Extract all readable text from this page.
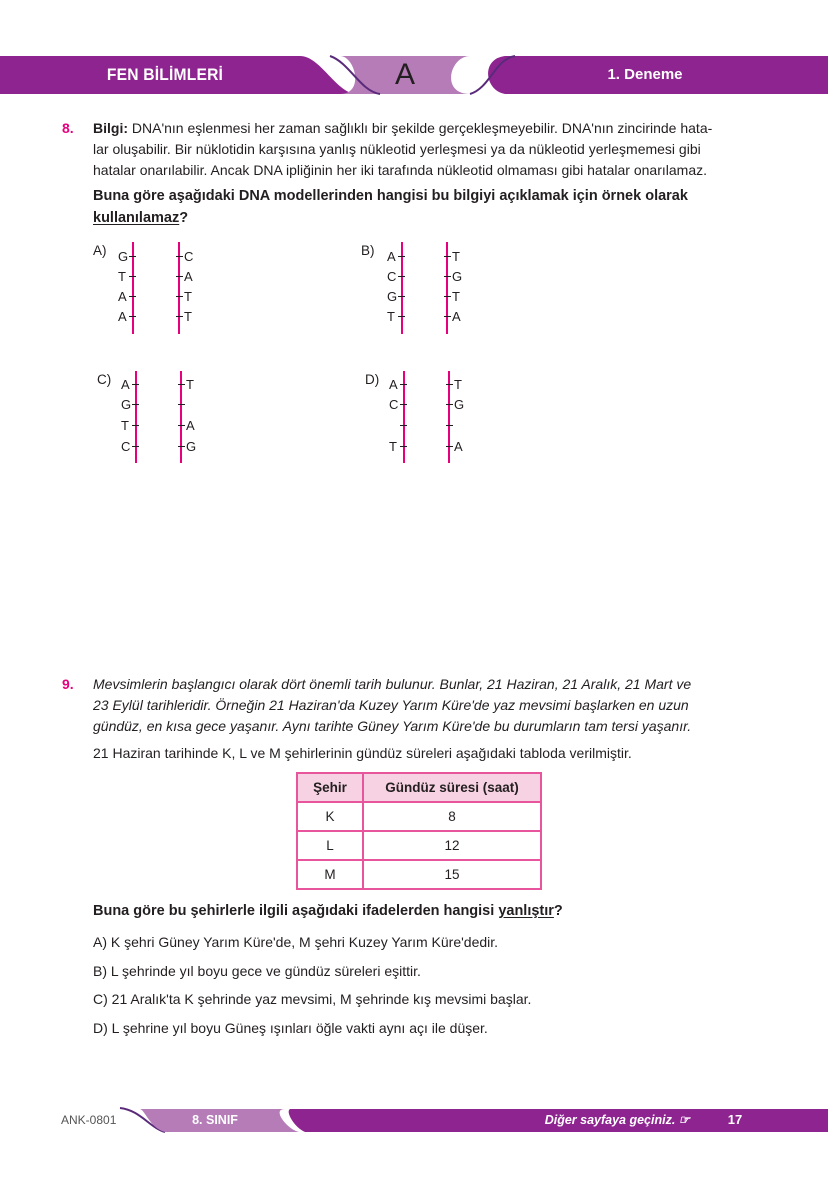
FEN BİLİMLERİ	A	1. Deneme
8. Bilgi: DNA'nın eşlenmesi her zaman sağlıklı bir şekilde gerçekleşmeyebilir. DNA'nın zincirinde hata-
lar oluşabilir. Bir nüklotidin karşısına yanlış nükleotid yerleşmesi ya da nükleotid yerleşmemesi gibi
hatalar onarılabilir. Ancak DNA ipliğinin her iki tarafında nükleotid olmaması gibi hatalar onarılamaz.
Buna göre aşağıdaki DNA modellerinden hangisi bu bilgiyi açıklamak için örnek olarak
kullanılamaz?
A) G
T
A
A
C
A
T
T
B) A
C
G
T
T
G
T
A
C) A
G
T
C
T
A
G
D) A
C
T
T
G
A
9. Mevsimlerin başlangıcı olarak dört önemli tarih bulunur. Bunlar, 21 Haziran, 21 Aralık, 21 Mart ve
23 Eylül tarihleridir. Örneğin 21 Haziran'da Kuzey Yarım Küre'de yaz mevsimi başlarken en uzun
gündüz, en kısa gece yaşanır. Aynı tarihte Güney Yarım Küre'de bu durumların tam tersi yaşanır.
21 Haziran tarihinde K, L ve M şehirlerinin gündüz süreleri aşağıdaki tabloda verilmiştir.
Şehir	Gündüz süresi (saat)
K	8
L	12
M	15
Buna göre bu şehirlerle ilgili aşağıdaki ifadelerden hangisi yanlıştır?
A) K şehri Güney Yarım Küre'de, M şehri Kuzey Yarım Küre'dedir.
B) L şehrinde yıl boyu gece ve gündüz süreleri eşittir.
C) 21 Aralık'ta K şehrinde yaz mevsimi, M şehrinde kış mevsimi başlar.
D) L şehrine yıl boyu Güneş ışınları öğle vakti aynı açı ile düşer.
ANK-0801	8. SINIF	Diğer sayfaya geçiniz. ☞	17
